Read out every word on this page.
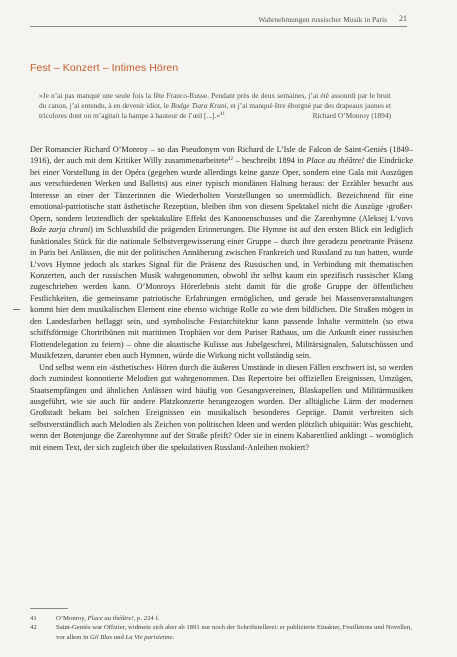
Wahrnehmungen russischer Musik in Paris 21
Fest – Konzert – Intimes Hören
»Je n’ai pas manqué une seule fois la fête Franco-Russe. Pendant près de deux semaines, j’ai été assourdi par le bruit du canon, j’ai entendu, à en devenir idiot, le Bodge Tiara Krani, et j’ai manqué être éborgné par des drapeaux jaunes et tricolores dont on m’agitait la hampe à hauteur de l’œil [...].«$^{41}$	Richard O’Monroy (1894)

Der Romancier Richard O’Monroy – so das Pseudonym von Richard de L’Isle de Falcon de Saint-Geniès (1849–1916), der auch mit dem Kritiker Willy zusammenarbeitete$^{42}$ – beschreibt 1894 in Place au théâtre! die Eindrücke bei einer Vorstellung in der Opéra (gegeben wurde allerdings keine ganze Oper, sondern eine Gala mit Auszügen aus verschiedenen Werken und Balletts) aus einer typisch mondänen Haltung heraus: der Erzähler besucht aus Interesse an einer der Tänzerinnen die Wiederholten Vorstellungen so unermüdlich. Bezeichnend für eine emotional-patriotische statt ästhetische Rezeption, bleiben ihm von diesem Spektakel nicht die Auszüge ›großer‹ Opern, sondern letztendlich der spektakuläre Effekt des Kanonenschusses und die Zarenhymne (Aleksej L’vovs Bože zarja chrani) im Schlussbild die prägenden Erinnerungen. Die Hymne ist auf den ersten Blick ein lediglich funktionales Stück für die nationale Selbstvergewisserung einer Gruppe – durch ihre geradezu penetrante Präsenz in Paris bei Anlässen, die mit der politischen Annäherung zwischen Frankreich und Russland zu tun hatten, wurde L’vovs Hymne jedoch als starkes Signal für die Präsenz des Russischen und, in Verbindung mit thematischen Konzerten, auch der russischen Musik wahrgenommen, obwohl ihr selbst kaum ein spezifisch russischer Klang zugeschrieben werden kann. O’Monroys Hörerlebnis steht damit für die große Gruppe der öffentlichen Festlichkeiten, die gemeinsame patriotische Erfahrungen ermöglichen, und gerade bei Massenveranstaltungen kommt hier dem musikalischen Element eine ebenso wichtige Rolle zu wie dem bildlichen. Die Straßen mögen in den Landesfarben beflaggt sein, und symbolische Festarchitektur kann passende Inhalte vermitteln (so etwa schiffsförmige Chortribünen mit maritimen Trophäen vor dem Pariser Rathaus, um die Ankunft einer russischen Flottendelegation zu feiern) – ohne die akustische Kulisse aus Jubelgeschrei, Militärsignalen, Salutschüssen und Musikfetzen, darunter eben auch Hymnen, würde die Wirkung nicht vollständig sein.

Und selbst wenn ein ›ästhetisches‹ Hören durch die äußeren Umstände in diesen Fällen erschwert ist, so werden doch zumindest konnotierte Melodien gut wahrgenommen. Das Repertoire bei offiziellen Ereignissen, Umzügen, Staatsempfängen und ähnlichen Anlässen wird häufig von Gesangsvereinen, Blaskapellen und Militärmusiken ausgeführt, wie sie auch für andere Platzkonzerte herangezogen wurden. Der alltägliche Lärm der modernen Großstadt bekam bei solchen Ereignissen ein musikalisch besonderes Gepräge. Damit verbreiten sich selbstverständlich auch Melodien als Zeichen von politischen Ideen und werden plötzlich ubiquitär: Was geschieht, wenn der Botenjunge die Zarenhymne auf der Straße pfeift? Oder sie in einem Kabarettlied anklingt – womöglich mit einem Text, der sich zugleich über die spekulativen Russland-Anleihen mokiert?

41	O’Monroy, Place au théâtre!, p. 224 f.
42	Saint-Geniès war Offizier, widmete sich aber ab 1891 nur noch der Schriftstellerei: er publizierte Einakter, Feuilletons und Novellen, vor allem in Gil Blas und La Vie parisienne.
